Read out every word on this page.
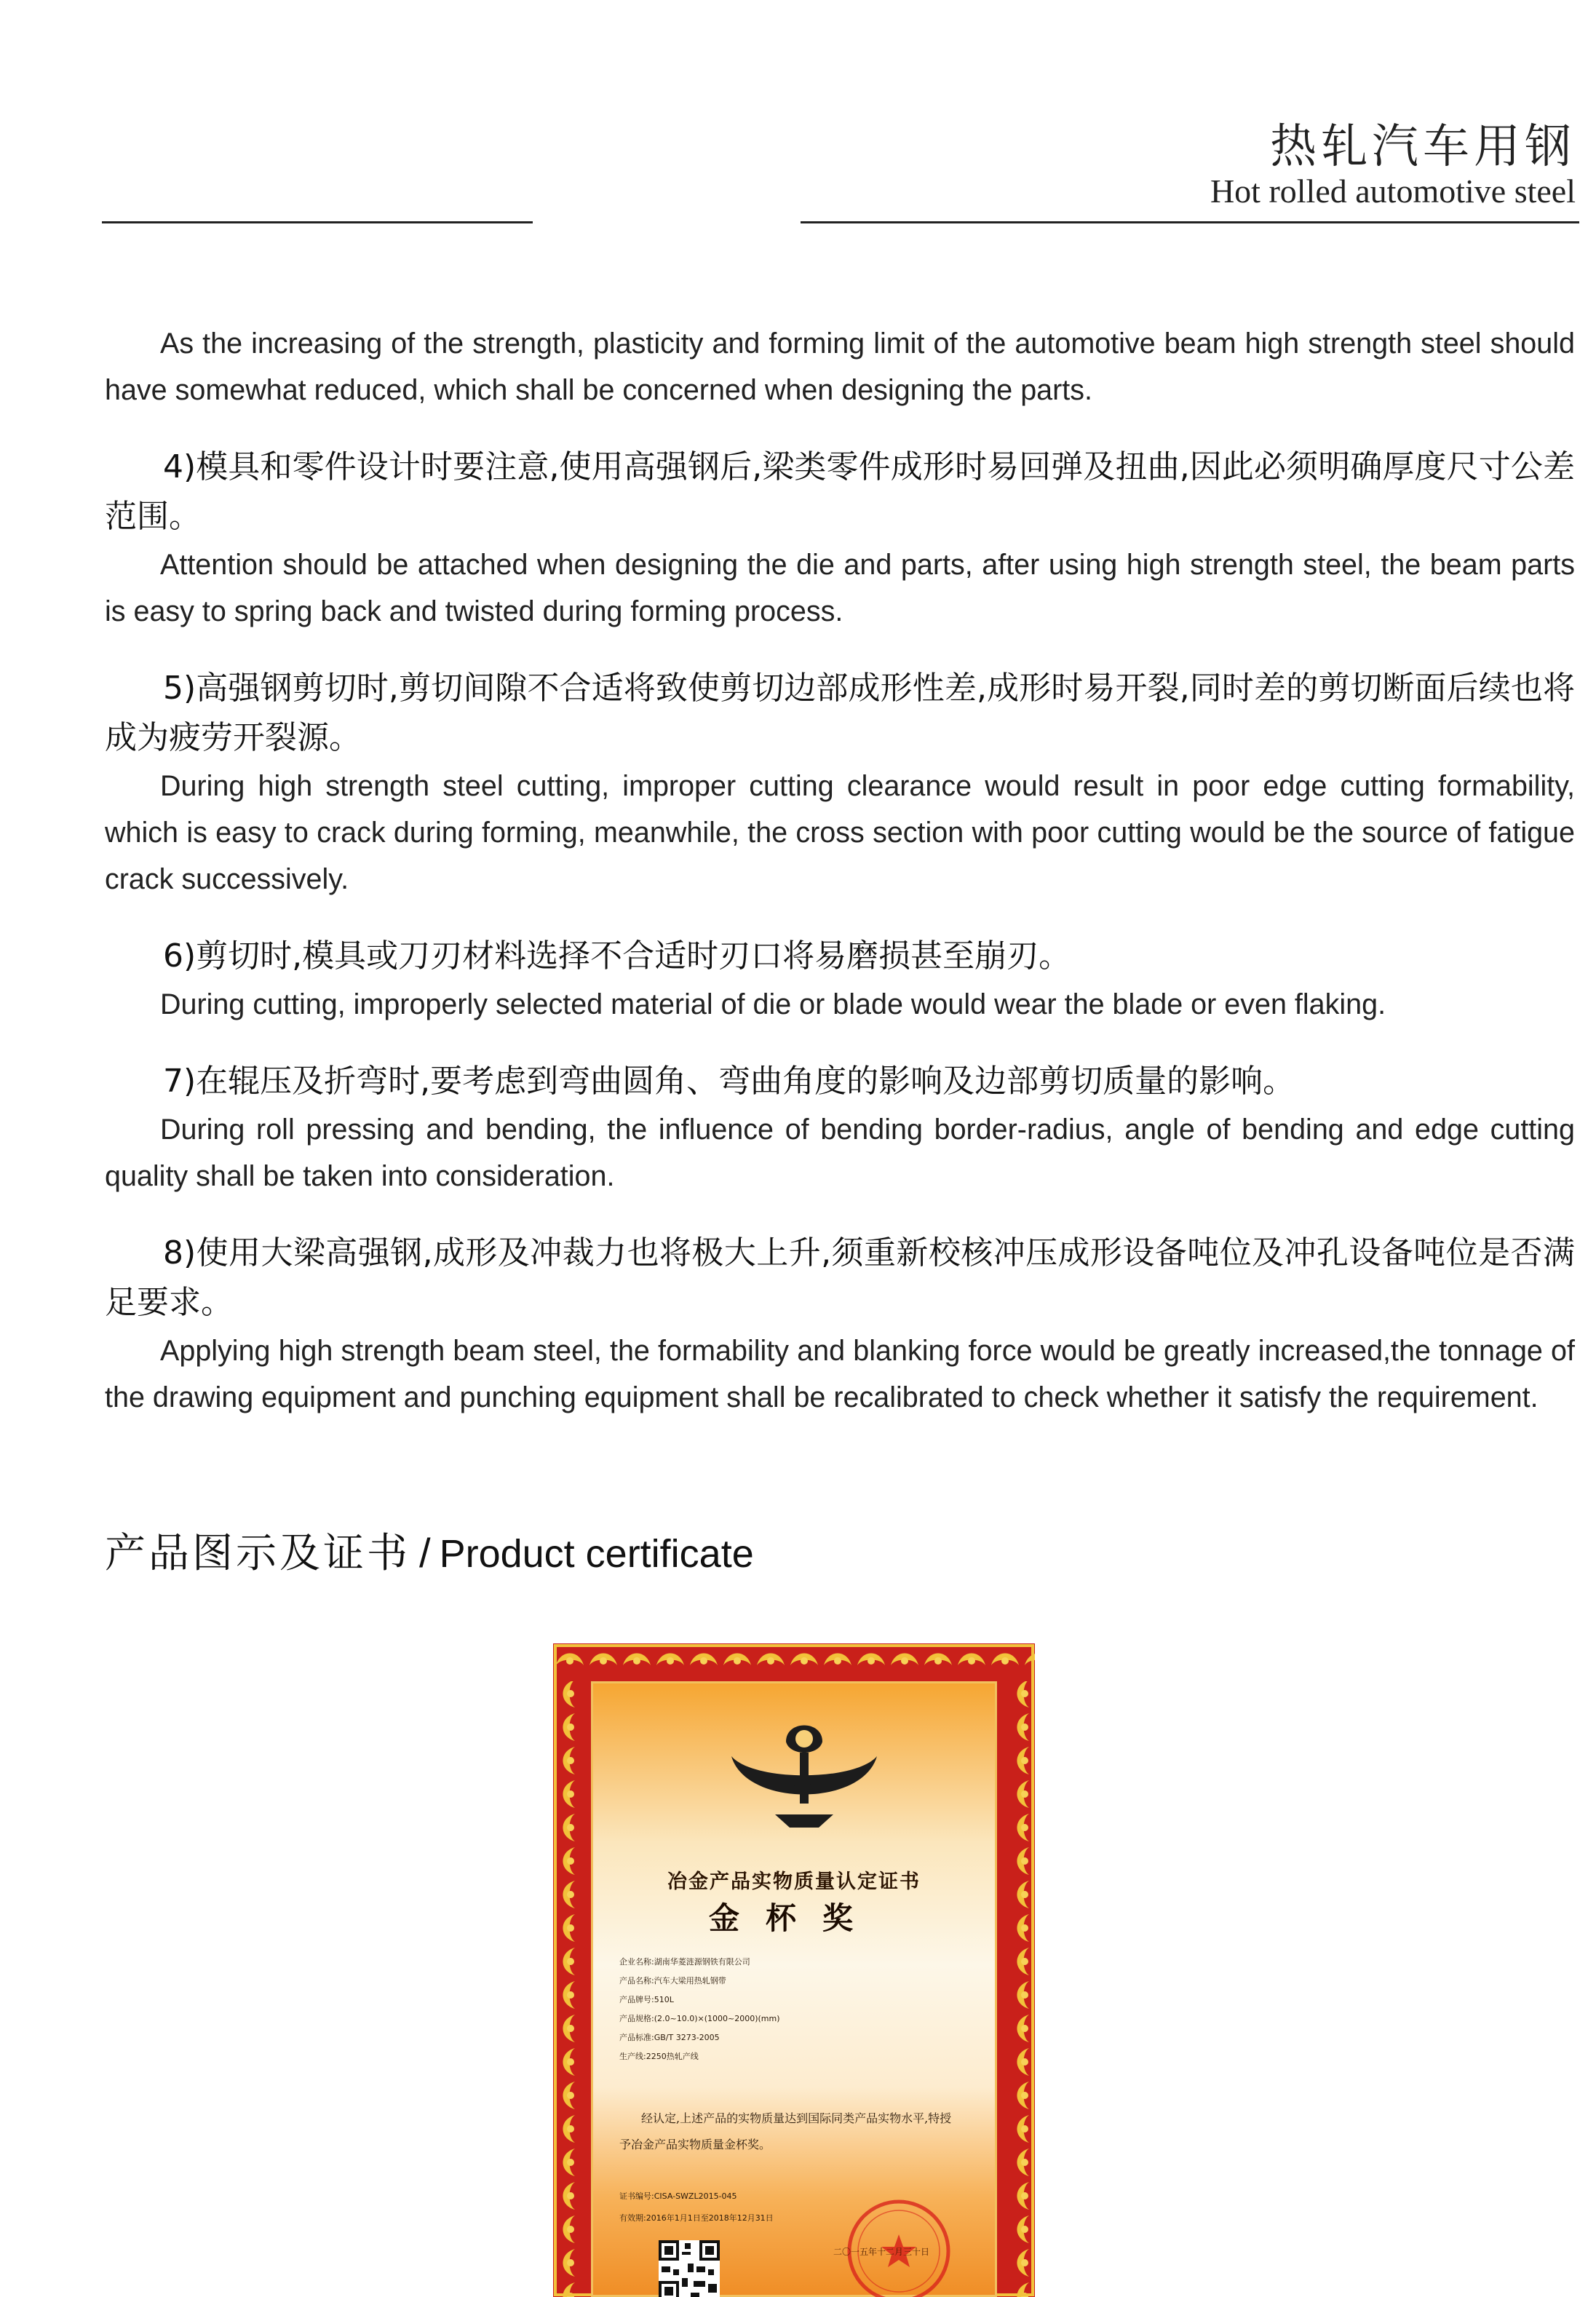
热轧汽车用钢
Hot rolled automotive steel

As the increasing of the strength, plasticity and forming limit of the automotive beam high strength steel should have somewhat reduced, which shall be concerned when designing the parts.

4)模具和零件设计时要注意,使用高强钢后,梁类零件成形时易回弹及扭曲,因此必须明确厚度尺寸公差范围。

Attention should be attached when designing the die and parts, after using high strength steel, the beam parts is easy to spring back and twisted during forming process.

5)高强钢剪切时,剪切间隙不合适将致使剪切边部成形性差,成形时易开裂,同时差的剪切断面后续也将成为疲劳开裂源。

During high strength steel cutting, improper cutting clearance would result in poor edge cutting formability, which is easy to crack during forming, meanwhile, the cross section with poor cutting would be the source of fatigue crack successively.

6)剪切时,模具或刀刃材料选择不合适时刃口将易磨损甚至崩刃。

During cutting, improperly selected material of die or blade would wear the blade or even flaking.

7)在辊压及折弯时,要考虑到弯曲圆角、弯曲角度的影响及边部剪切质量的影响。

During roll pressing and bending, the influence of bending border-radius, angle of bending and edge cutting quality shall be taken into consideration.

8)使用大梁高强钢,成形及冲裁力也将极大上升,须重新校核冲压成形设备吨位及冲孔设备吨位是否满足要求。

Applying high strength beam steel, the formability and blanking force would be greatly increased,the tonnage of the drawing equipment and punching equipment shall be recalibrated to check whether it satisfy the requirement.

产品图示及证书 / Product certificate
冶金产品实物质量认定证书
金杯奖
企业名称:湖南华菱涟源钢铁有限公司
产品名称:汽车大梁用热轧钢带
产品牌号:510L
产品规格:(2.0~10.0)×(1000~2000)(mm)
产品标准:GB/T 3273-2005
生产线:2250热轧产线
经认定,上述产品的实物质量达到国际同类产品实物水平,特授予冶金产品实物质量金杯奖。
证书编号:CISA-SWZL2015-045
有效期:2016年1月1日至2018年12月31日
二〇一五年十二月三十日
